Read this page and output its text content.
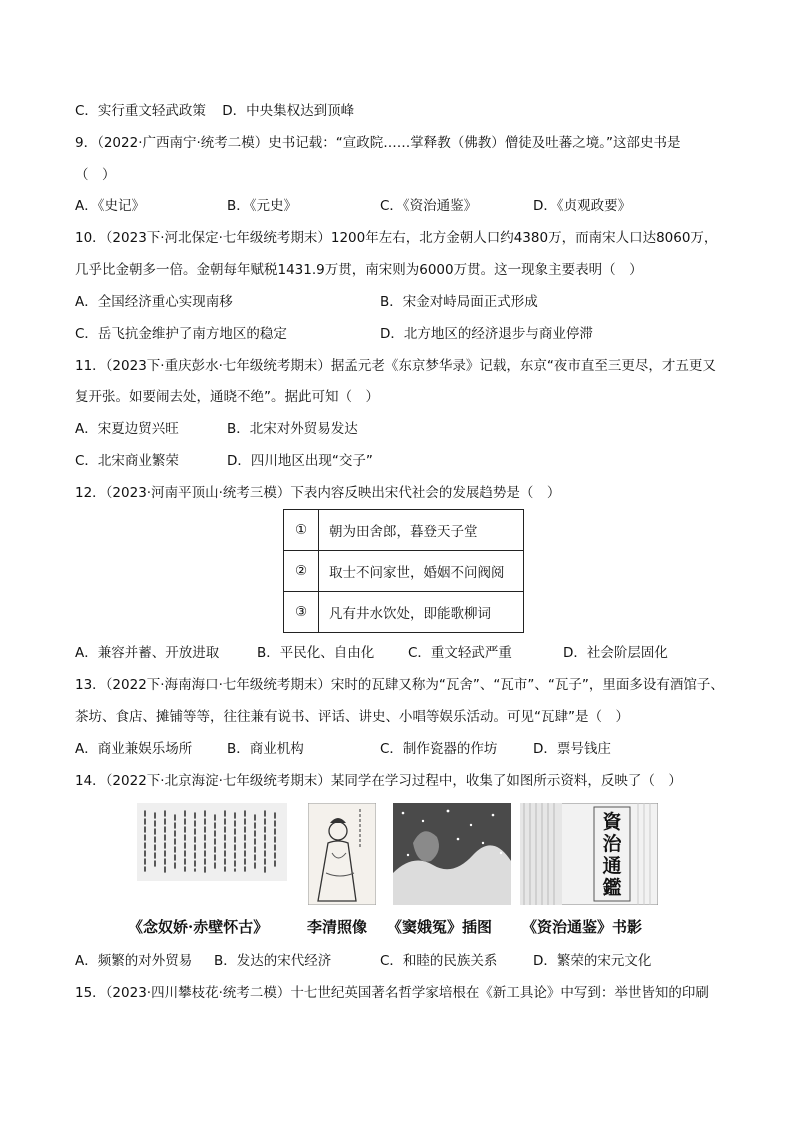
C．实行重文轻武政策 D．中央集权达到顶峰
9．（2022·广西南宁·统考二模）史书记载：“宣政院……掌释教（佛教）僧徒及吐蕃之境。”这部史书是
（　）
A．《史记》	B．《元史》	C．《资治通鉴》	D．《贞观政要》
10．（2023下·河北保定·七年级统考期末）1200年左右，北方金朝人口约4380万，而南宋人口达8060万，
几乎比金朝多一倍。金朝每年赋税1431.9万贯，南宋则为6000万贯。这一现象主要表明（　）
A．全国经济重心实现南移	B．宋金对峙局面正式形成
C．岳飞抗金维护了南方地区的稳定	D．北方地区的经济退步与商业停滞
11．（2023下·重庆彭水·七年级统考期末）据孟元老《东京梦华录》记载，东京“夜市直至三更尽，才五更又
复开张。如要闹去处，通晓不绝”。据此可知（　）
A．宋夏边贸兴旺	B．北宋对外贸易发达
C．北宋商业繁荣	D．四川地区出现“交子”
12．（2023·河南平顶山·统考三模）下表内容反映出宋代社会的发展趋势是（　）
①	朝为田舍郎，暮登天子堂
②	取士不问家世，婚姻不问阀阅
③	凡有井水饮处，即能歌柳词
A．兼容并蓄、开放进取	B．平民化、自由化 C．重文轻武严重	D．社会阶层固化
13．（2022下·海南海口·七年级统考期末）宋时的瓦肆又称为“瓦舍”、“瓦市”、“瓦子”，里面多设有酒馆子、
茶坊、食店、摊铺等等，往往兼有说书、评话、讲史、小唱等娱乐活动。可见“瓦肆”是（　）
A．商业兼娱乐场所	B．商业机构	C．制作瓷器的作坊	D．票号钱庄
14．（2022下·北京海淀·七年级统考期末）某同学在学习过程中，收集了如图所示资料，反映了（　）
資
治
通
鑑
《念奴娇·赤壁怀古》	李清照像 《窦娥冤》插图 《资治通鉴》书影
A．频繁的对外贸易 B．发达的宋代经济	C．和睦的民族关系	D．繁荣的宋元文化
15．（2023·四川攀枝花·统考二模）十七世纪英国著名哲学家培根在《新工具论》中写到：举世皆知的印刷
